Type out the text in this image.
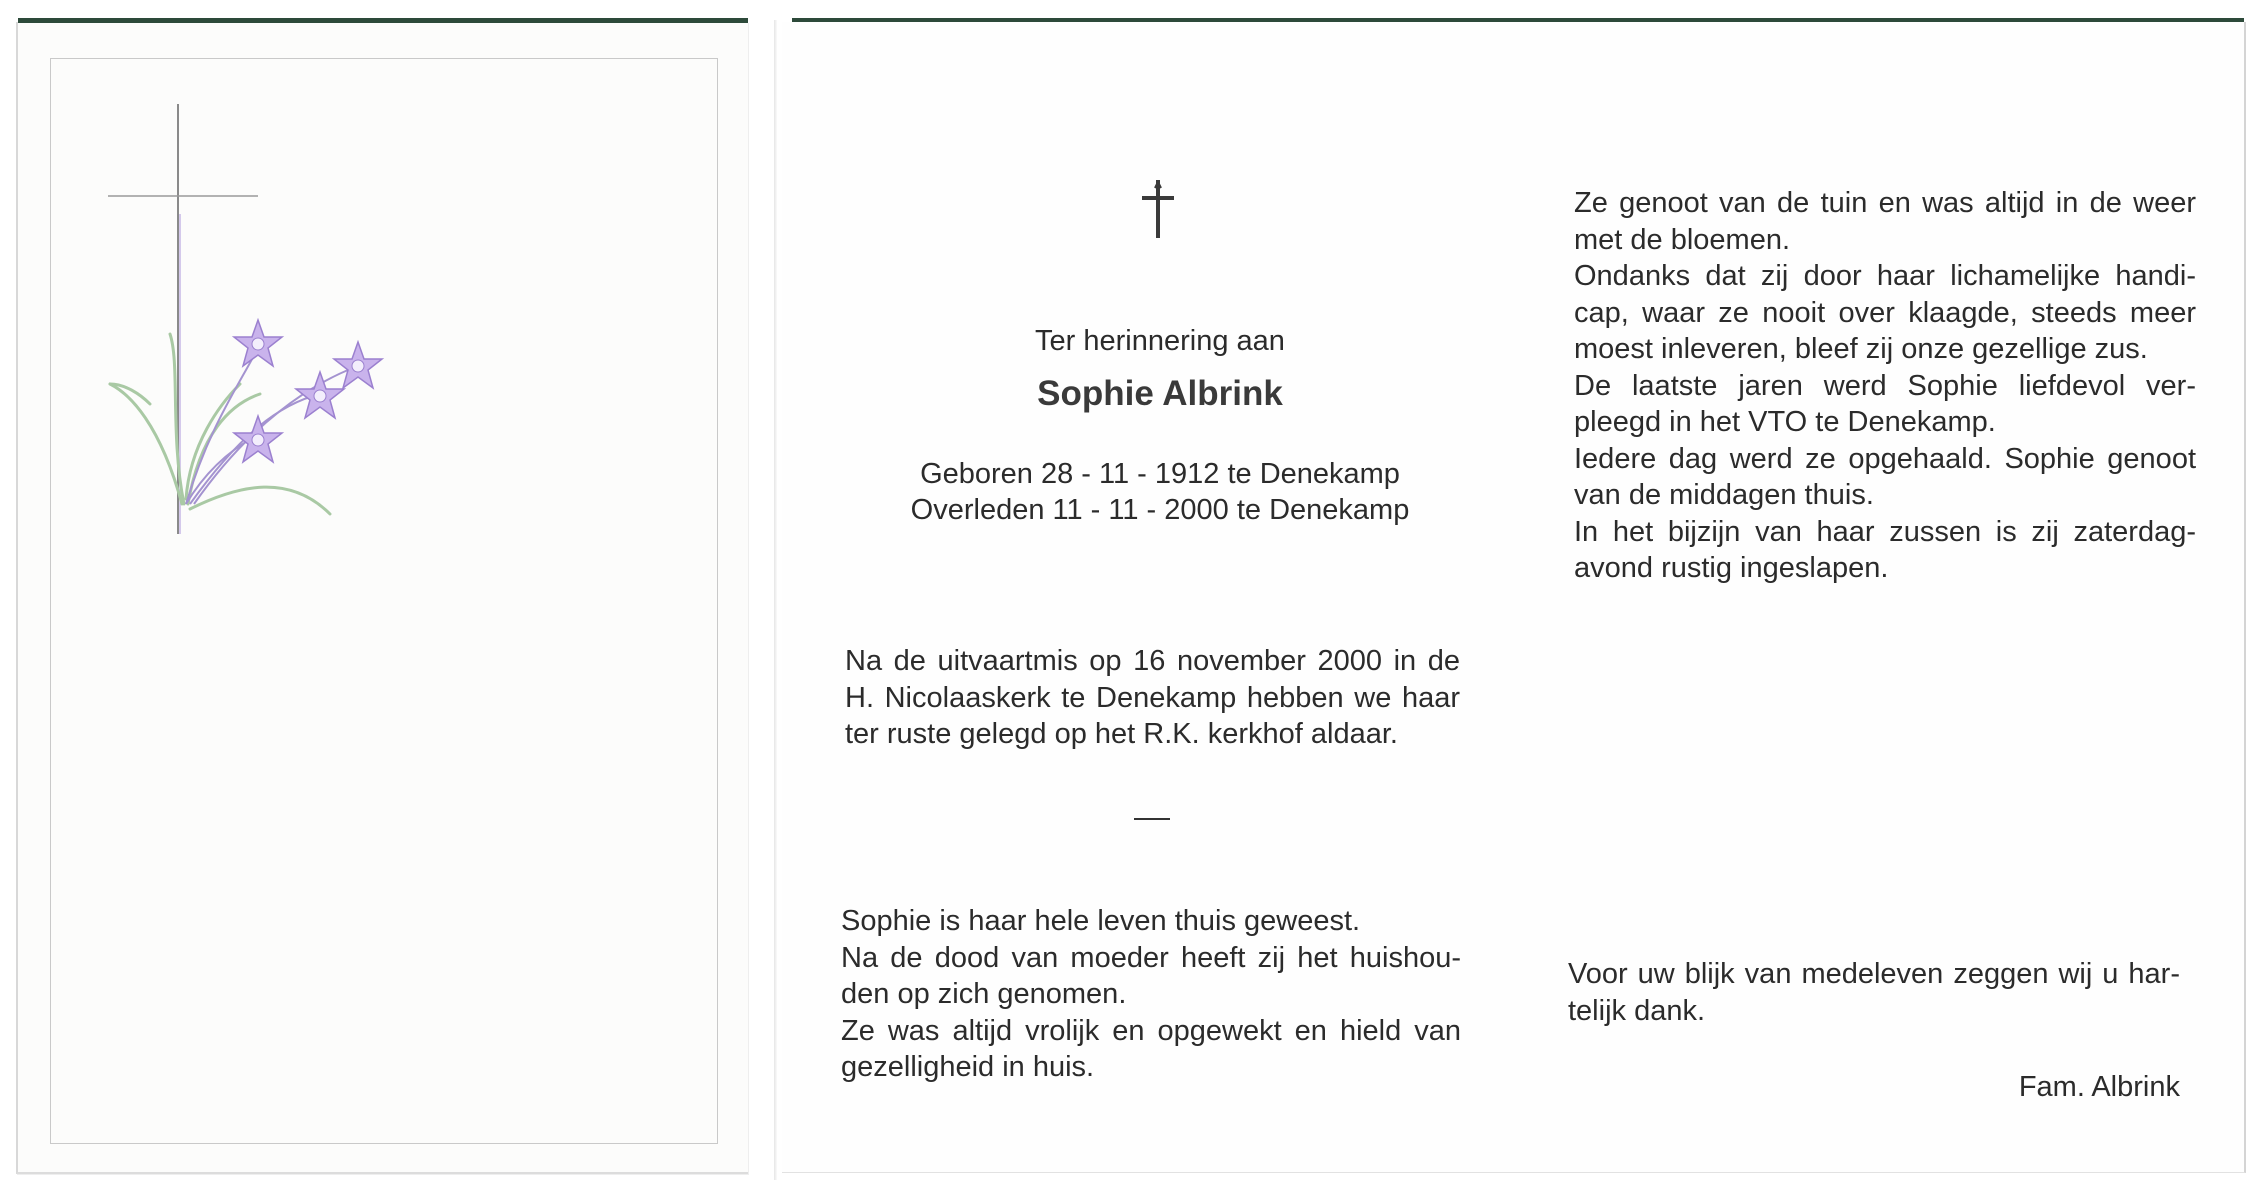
Ter herinnering aan
Sophie Albrink
Geboren 28 - 11 - 1912 te Denekamp
Overleden 11 - 11 - 2000 te Denekamp
Na de uitvaartmis op 16 november 2000 in de
H. Nicolaaskerk te Denekamp hebben we haar
ter ruste gelegd op het R.K. kerkhof aldaar.
Sophie is haar hele leven thuis geweest.
Na de dood van moeder heeft zij het huishou-
den op zich genomen.
Ze was altijd vrolijk en opgewekt en hield van
gezelligheid in huis.
Ze genoot van de tuin en was altijd in de weer
met de bloemen.
Ondanks dat zij door haar lichamelijke handi-
cap, waar ze nooit over klaagde, steeds meer
moest inleveren, bleef zij onze gezellige zus.
De laatste jaren werd Sophie liefdevol ver-
pleegd in het VTO te Denekamp.
Iedere dag werd ze opgehaald. Sophie genoot
van de middagen thuis.
In het bijzijn van haar zussen is zij zaterdag-
avond rustig ingeslapen.
Voor uw blijk van medeleven zeggen wij u har-
telijk dank.
Fam. Albrink
